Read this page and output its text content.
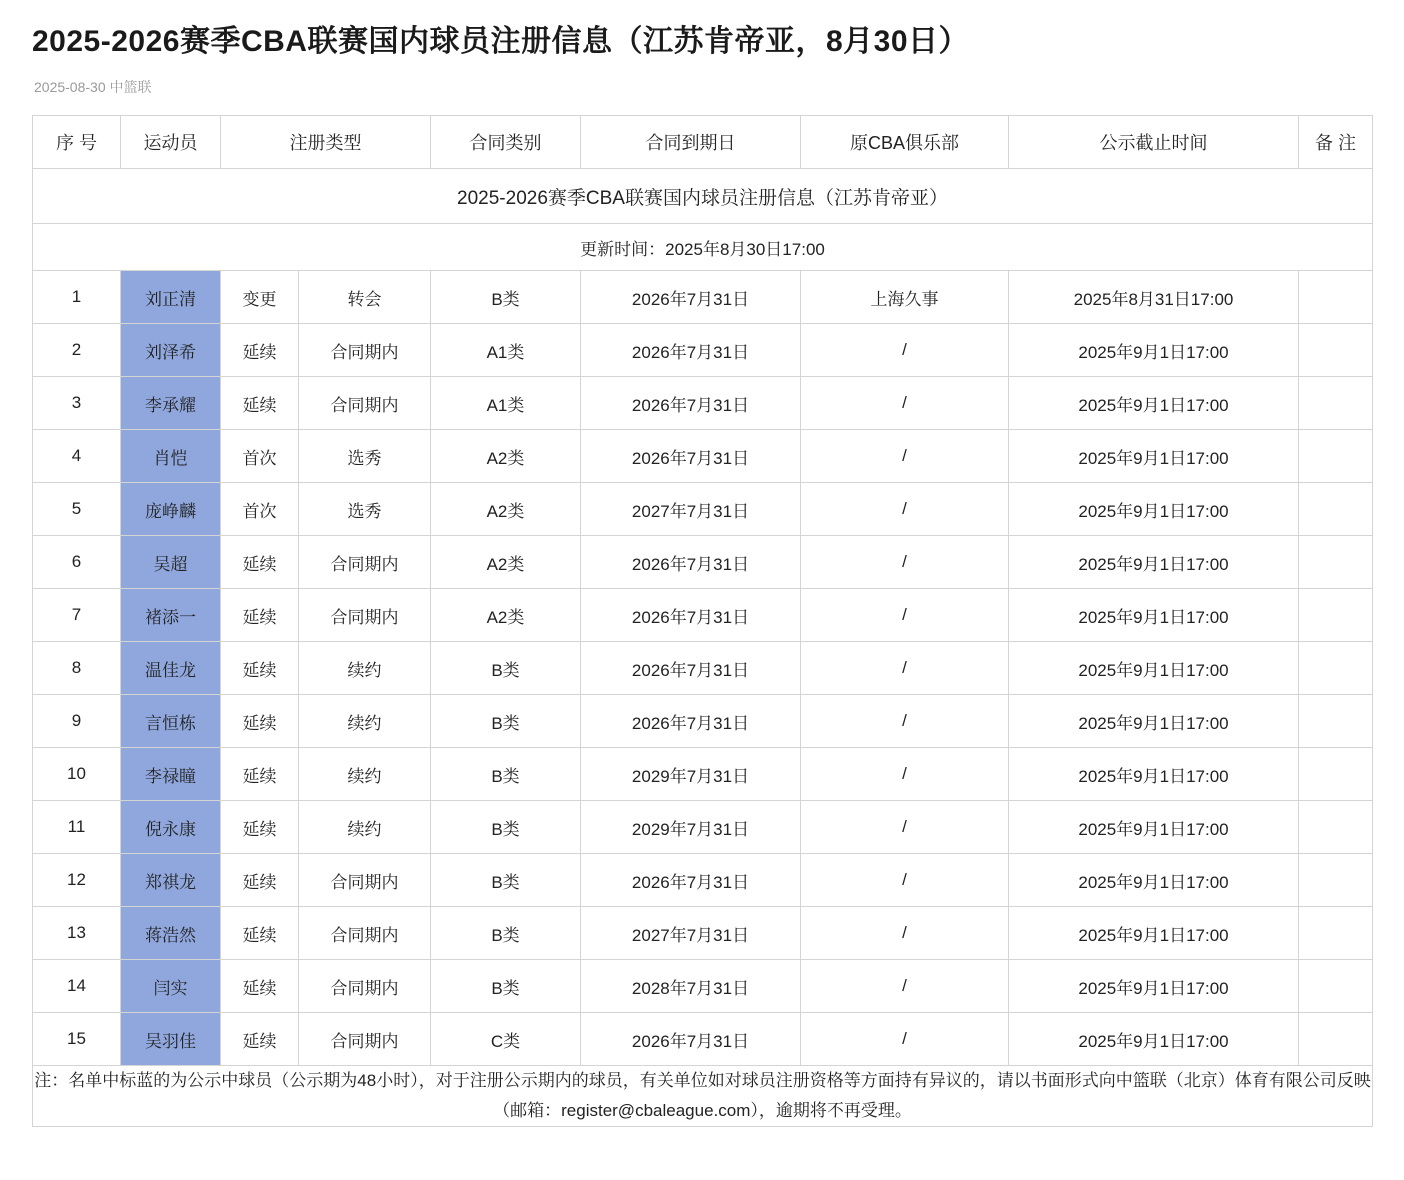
2025-2026赛季CBA联赛国内球员注册信息（江苏肯帝亚，8月30日）
2025-08-30 中篮联
2025-2026赛季CBA联赛国内球员注册信息（江苏肯帝亚）								
更新时间：2025年8月30日17:00								
序 号	运动员	注册类型		合同类别	合同到期日	原CBA俱乐部	公示截止时间	备 注
1	刘正清	变更	转会	B类	2026年7月31日	上海久事	2025年8月31日17:00	
2	刘泽希	延续	合同期内	A1类	2026年7月31日	/	2025年9月1日17:00	
3	李承耀	延续	合同期内	A1类	2026年7月31日	/	2025年9月1日17:00	
4	肖恺	首次	选秀	A2类	2026年7月31日	/	2025年9月1日17:00	
5	庞峥麟	首次	选秀	A2类	2027年7月31日	/	2025年9月1日17:00	
6	吴超	延续	合同期内	A2类	2026年7月31日	/	2025年9月1日17:00	
7	褚添一	延续	合同期内	A2类	2026年7月31日	/	2025年9月1日17:00	
8	温佳龙	延续	续约	B类	2026年7月31日	/	2025年9月1日17:00	
9	言恒栋	延续	续约	B类	2026年7月31日	/	2025年9月1日17:00	
10	李禄瞳	延续	续约	B类	2029年7月31日	/	2025年9月1日17:00	
11	倪永康	延续	续约	B类	2029年7月31日	/	2025年9月1日17:00	
12	郑祺龙	延续	合同期内	B类	2026年7月31日	/	2025年9月1日17:00	
13	蒋浩然	延续	合同期内	B类	2027年7月31日	/	2025年9月1日17:00	
14	闫实	延续	合同期内	B类	2028年7月31日	/	2025年9月1日17:00	
15	吴羽佳	延续	合同期内	C类	2026年7月31日	/	2025年9月1日17:00	
注：名单中标蓝的为公示中球员（公示期为48小时），对于注册公示期内的球员，有关单位如对球员注册资格等方面持有异议的，请以书面形式向中篮联（北京）体育有限公司反映（邮箱：register@cbaleague.com），逾期将不再受理。								
